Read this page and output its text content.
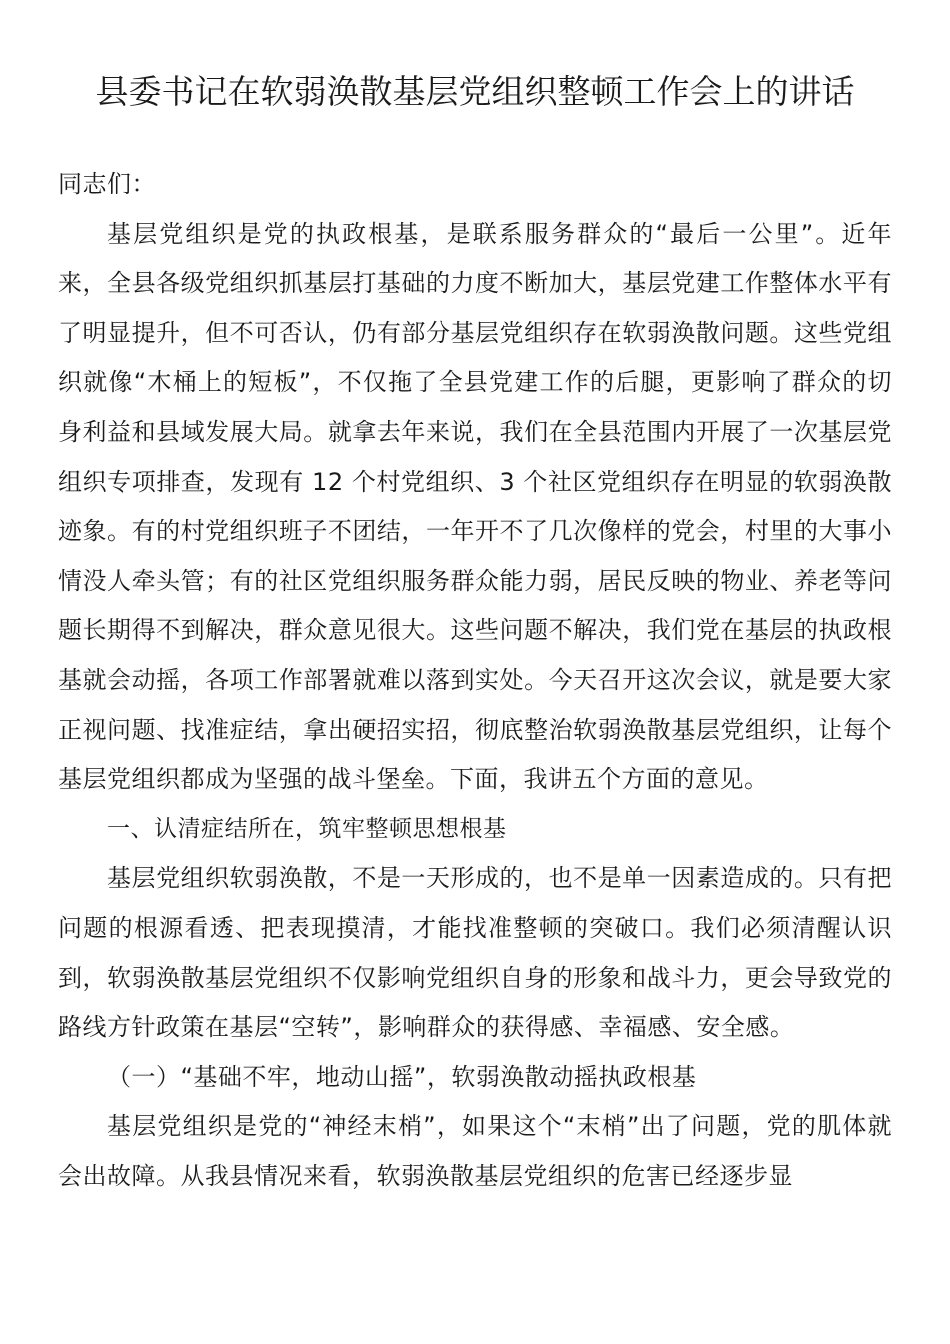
县委书记在软弱涣散基层党组织整顿工作会上的讲话

同志们：

基层党组织是党的执政根基，是联系服务群众的“最后一公里”。近年来，全县各级党组织抓基层打基础的力度不断加大，基层党建工作整体水平有了明显提升，但不可否认，仍有部分基层党组织存在软弱涣散问题。这些党组织就像“木桶上的短板”，不仅拖了全县党建工作的后腿，更影响了群众的切身利益和县域发展大局。就拿去年来说，我们在全县范围内开展了一次基层党组织专项排查，发现有 12 个村党组织、3 个社区党组织存在明显的软弱涣散迹象。有的村党组织班子不团结，一年开不了几次像样的党会，村里的大事小情没人牵头管；有的社区党组织服务群众能力弱，居民反映的物业、养老等问题长期得不到解决，群众意见很大。这些问题不解决，我们党在基层的执政根基就会动摇，各项工作部署就难以落到实处。今天召开这次会议，就是要大家正视问题、找准症结，拿出硬招实招，彻底整治软弱涣散基层党组织，让每个基层党组织都成为坚强的战斗堡垒。下面，我讲五个方面的意见。

一、认清症结所在，筑牢整顿思想根基

基层党组织软弱涣散，不是一天形成的，也不是单一因素造成的。只有把问题的根源看透、把表现摸清，才能找准整顿的突破口。我们必须清醒认识到，软弱涣散基层党组织不仅影响党组织自身的形象和战斗力，更会导致党的路线方针政策在基层“空转”，影响群众的获得感、幸福感、安全感。

（一）“基础不牢，地动山摇”，软弱涣散动摇执政根基

基层党组织是党的“神经末梢”，如果这个“末梢”出了问题，党的肌体就会出故障。从我县情况来看，软弱涣散基层党组织的危害已经逐步显
